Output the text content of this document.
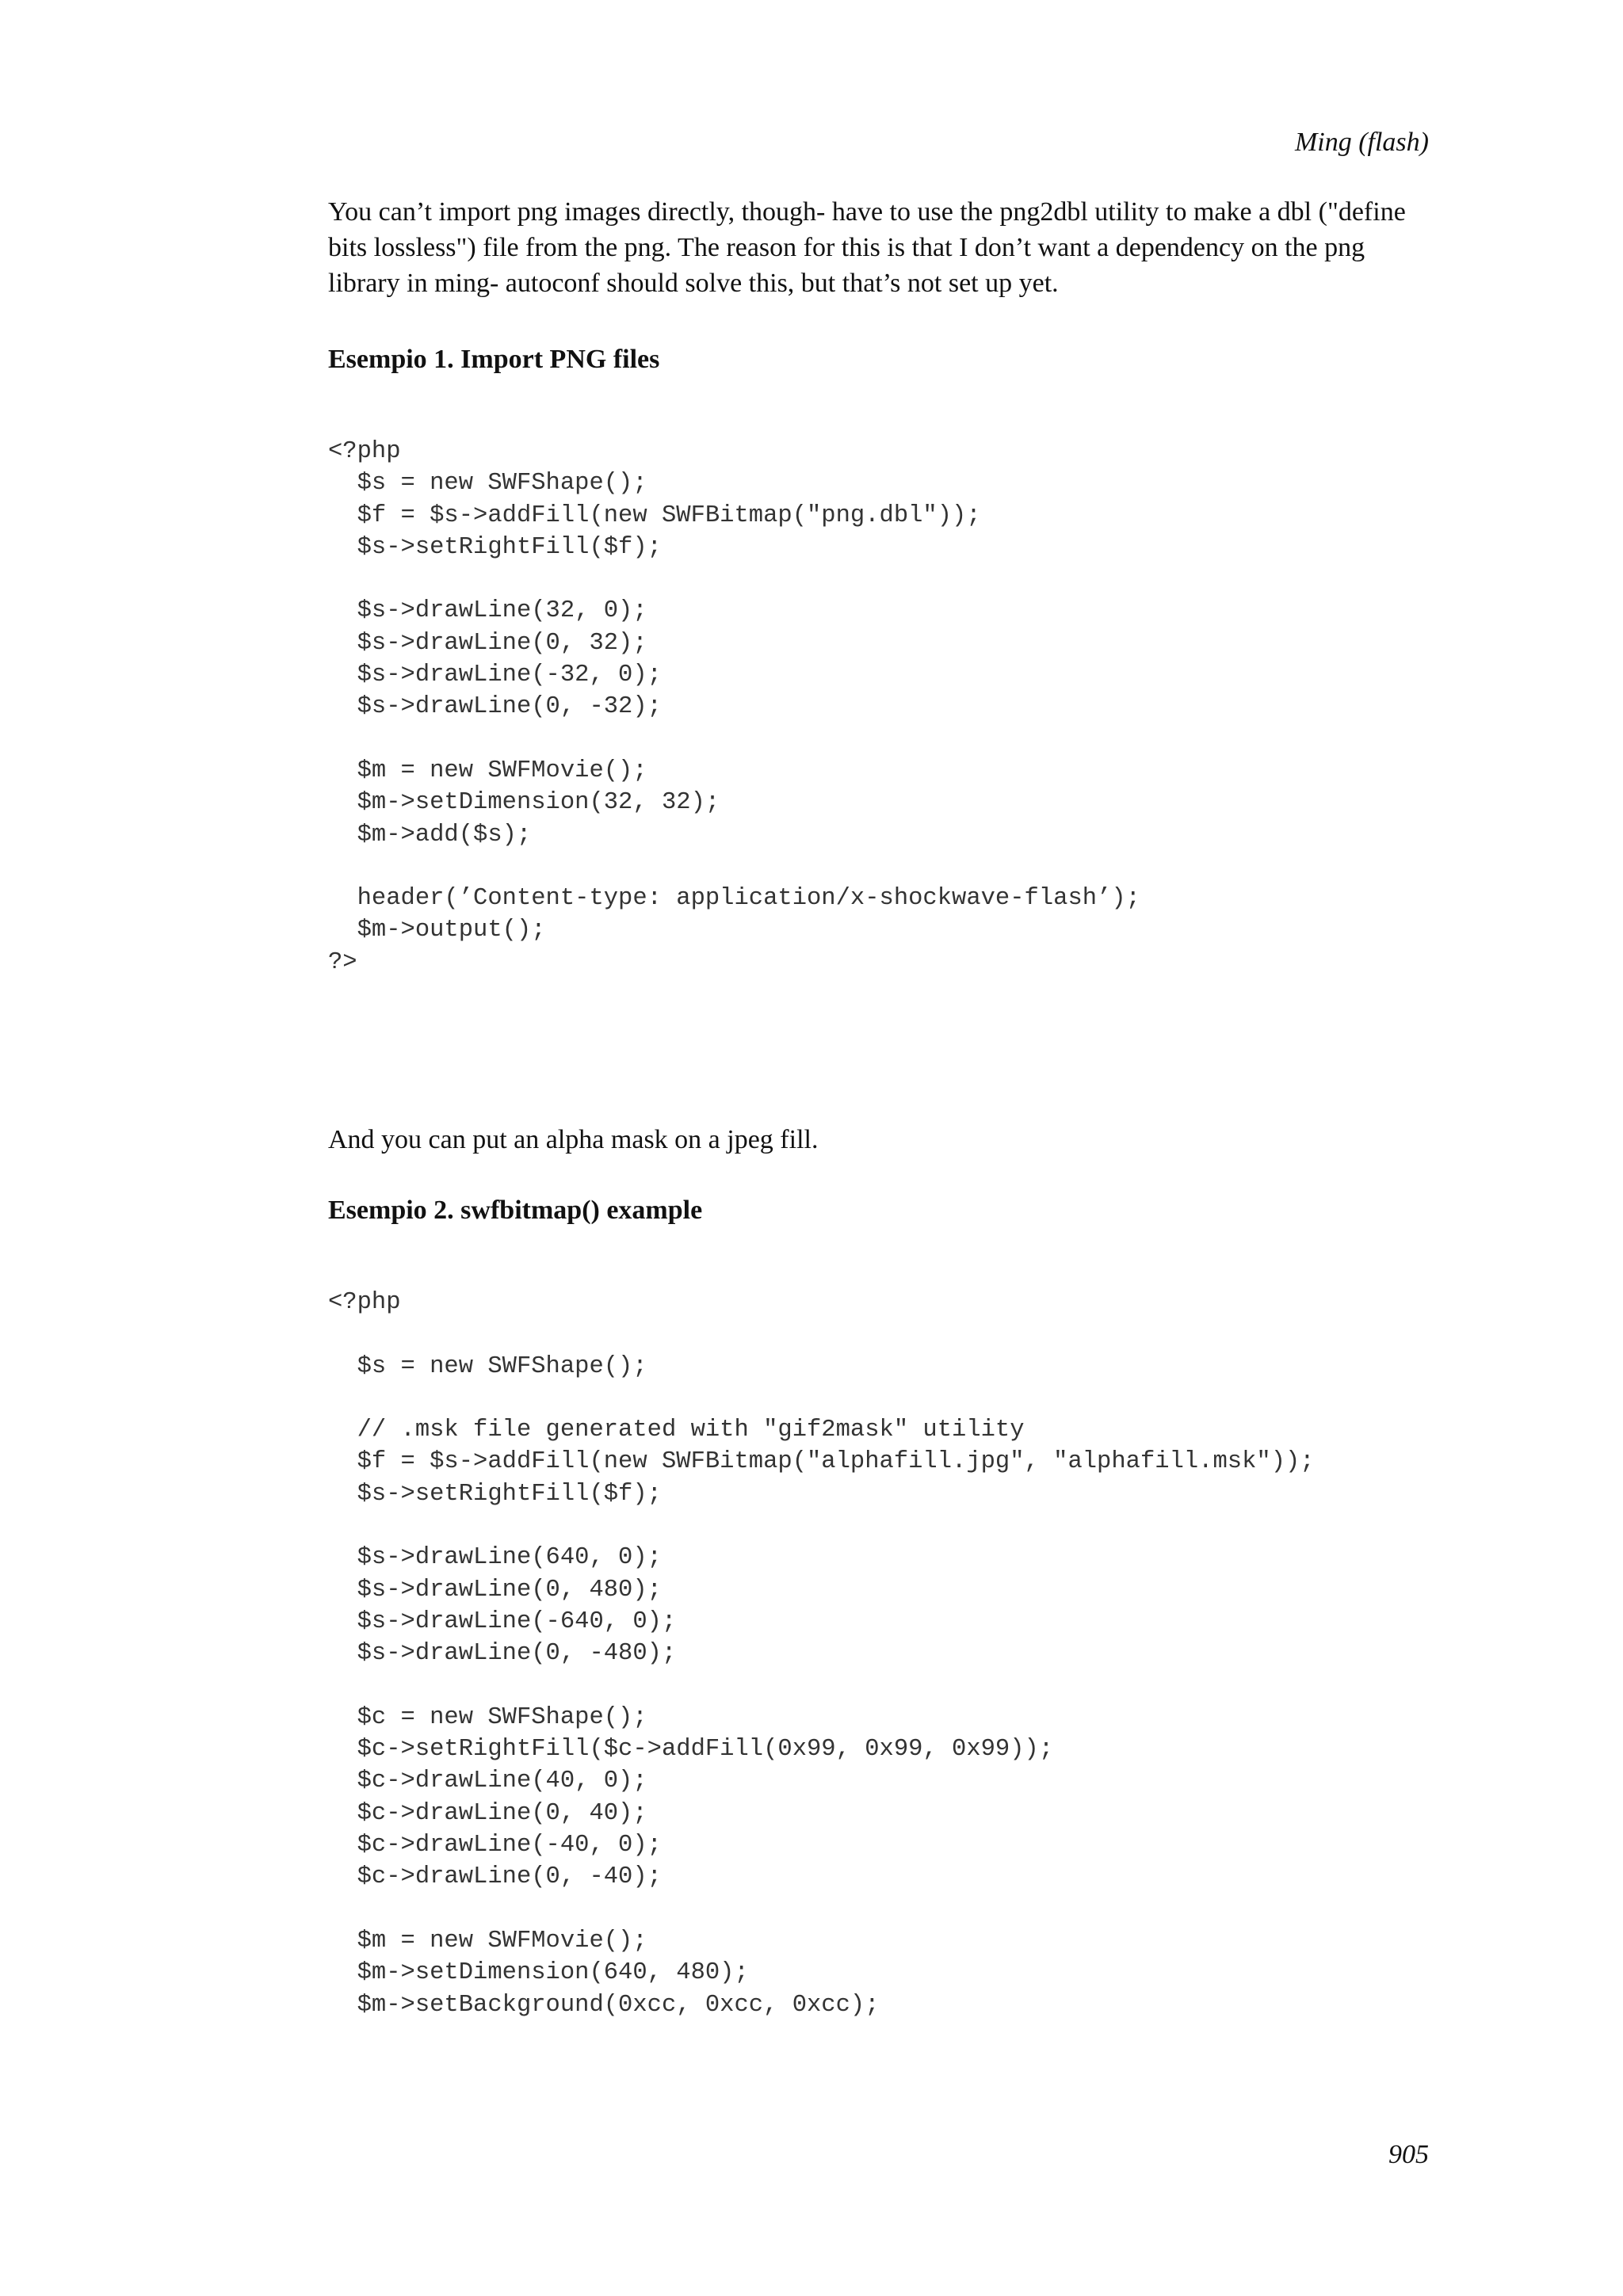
Ming (flash)

You can’t import png images directly, though- have to use the png2dbl utility to make a dbl ("define bits lossless") file from the png. The reason for this is that I don’t want a dependency on the png library in ming- autoconf should solve this, but that’s not set up yet.

Esempio 1. Import PNG files
<?php
$s = new SWFShape();
$f = $s->addFill(new SWFBitmap("png.dbl"));
$s->setRightFill($f);

$s->drawLine(32, 0);
$s->drawLine(0, 32);
$s->drawLine(-32, 0);
$s->drawLine(0, -32);

$m = new SWFMovie();
$m->setDimension(32, 32);
$m->add($s);

header(’Content-type: application/x-shockwave-flash’);
$m->output();
?>

And you can put an alpha mask on a jpeg fill.

Esempio 2. swfbitmap() example
<?php

$s = new SWFShape();

// .msk file generated with "gif2mask" utility
$f = $s->addFill(new SWFBitmap("alphafill.jpg", "alphafill.msk"));
$s->setRightFill($f);

$s->drawLine(640, 0);
$s->drawLine(0, 480);
$s->drawLine(-640, 0);
$s->drawLine(0, -480);

$c = new SWFShape();
$c->setRightFill($c->addFill(0x99, 0x99, 0x99));
$c->drawLine(40, 0);
$c->drawLine(0, 40);
$c->drawLine(-40, 0);
$c->drawLine(0, -40);

$m = new SWFMovie();
$m->setDimension(640, 480);
$m->setBackground(0xcc, 0xcc, 0xcc);
905
